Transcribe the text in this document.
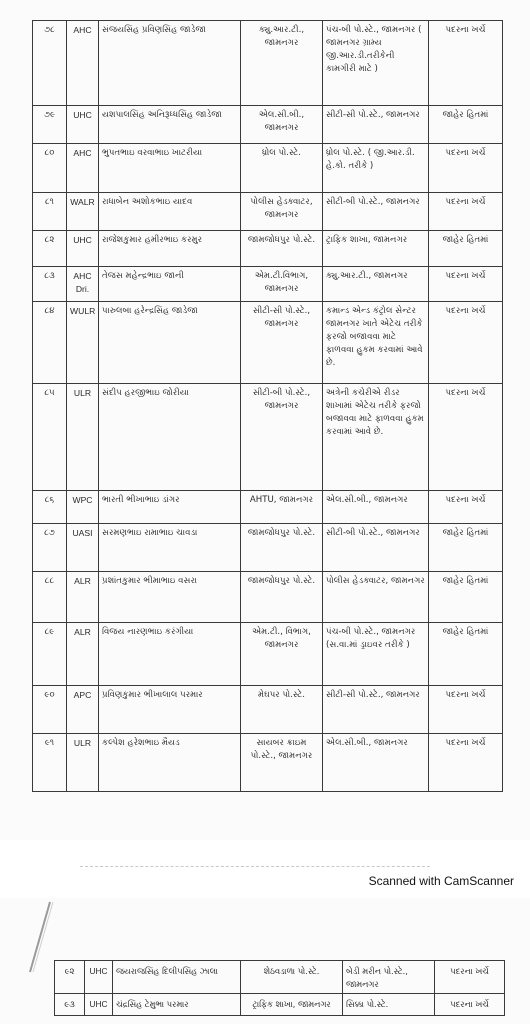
૭૮	AHC	સંજયસિંહ પ્રવિણસિંહ જાડેજા	ક્યુ.આર.ટી., જામનગર	પંચ-બી પો.સ્ટે., જામનગર ( જામનગર ગ્રામ્ય જી.આર.ડી.તરીકેની કામગીરી માટે )	પદરના ખર્ચે
૭૯	UHC	યશપાલસિંહ અનિરૂધ્ધસિંહ જાડેજા	એલ.સી.બી., જામનગર	સીટી-સી પો.સ્ટે., જામનગર	જાહેર હિતમાં
૮૦	AHC	ભુપતભાઇ વરવાભાઇ ખાટરીયા	ધ્રોલ પો.સ્ટે.	ધ્રોલ પો.સ્ટે. ( જી.આર.ડી. હે.કો. તરીકે )	પદરના ખર્ચે
૮૧	WALR	રાધાબેન અશોકભાઇ યાદવ	પોલીસ હેડક્વાટર, જામનગર	સીટી-બી પો.સ્ટે., જામનગર	પદરના ખર્ચે
૮૨	UHC	રાજેશકુમાર હમીરભાઇ કરમુર	જામજોધપુર પો.સ્ટે.	ટ્રાફિક શાખા, જામનગર	જાહેર હિતમાં
૮૩	AHC Dri.	તેજસ મહેન્દ્રભાઇ જાની	એમ.ટી.વિભાગ, જામનગર	ક્યુ.આર.ટી., જામનગર	પદરના ખર્ચે
૮૪	WULR	પારુલબા હરેન્દ્રસિંહ જાડેજા	સીટી-સી પો.સ્ટે., જામનગર	કમાન્ડ એન્ડ કંટ્રોલ સેન્ટર જામનગર ખાતે એટેચ તરીકે ફરજો બજાવવા માટે ફાળવવા હુકમ કરવામાં આવે છે.	પદરના ખર્ચે
૮૫	ULR	સંદીપ હરજીભાઇ જોરીયા	સીટી-બી પો.સ્ટે., જામનગર	અત્રેની કચેરીએ રીડર શાખામાં એટેચ તરીકે ફરજો બજાવવા માટે ફાળવવા હુકમ કરવામાં આવે છે.	પદરના ખર્ચે
૮૬	WPC	ભારતી ભીખાભાઇ ડાંગર	AHTU, જામનગર	એલ.સી.બી., જામનગર	પદરના ખર્ચે
૮૭	UASI	સરમણભાઇ રામાભાઇ ચાવડા	જામજોધપુર પો.સ્ટે.	સીટી-બી પો.સ્ટે., જામનગર	જાહેર હિતમાં
૮૮	ALR	પ્રશાંતકુમાર ભીમાભાઇ વસરા	જામજોધપુર પો.સ્ટે.	પોલીસ હેડક્વાટર, જામનગર	જાહેર હિતમાં
૮૯	ALR	વિજય નારણભાઇ કરંગીયા	એમ.ટી., વિભાગ, જામનગર	પંચ-બી પો.સ્ટે., જામનગર (સ.વા.માં ડ્રાઇવર તરીકે )	જાહેર હિતમાં
૯૦	APC	પ્રવિણકુમાર ભીખાલાલ પરમાર	મેઘપર પો.સ્ટે.	સીટી-સી પો.સ્ટે., જામનગર	પદરના ખર્ચે
૯૧	ULR	કલ્પેશ હરેશભાઇ મૈયડ	સાયબર ક્રાઇમ પો.સ્ટે., જામનગર	એલ.સી.બી., જામનગર	પદરના ખર્ચે
Scanned with CamScanner
૯૨	UHC	જયરાજસિંહ દિલીપસિંહ ઝાલા	શેઠવડાળા પો.સ્ટે.	બેડી મરીન પો.સ્ટે., જામનગર	પદરના ખર્ચે
૯૩	UHC	ચંદ્રસિંહ ટેમુભા પરમાર	ટ્રાફિક શાખા, જામનગર	સિક્કા પો.સ્ટે.	પદરના ખર્ચે
